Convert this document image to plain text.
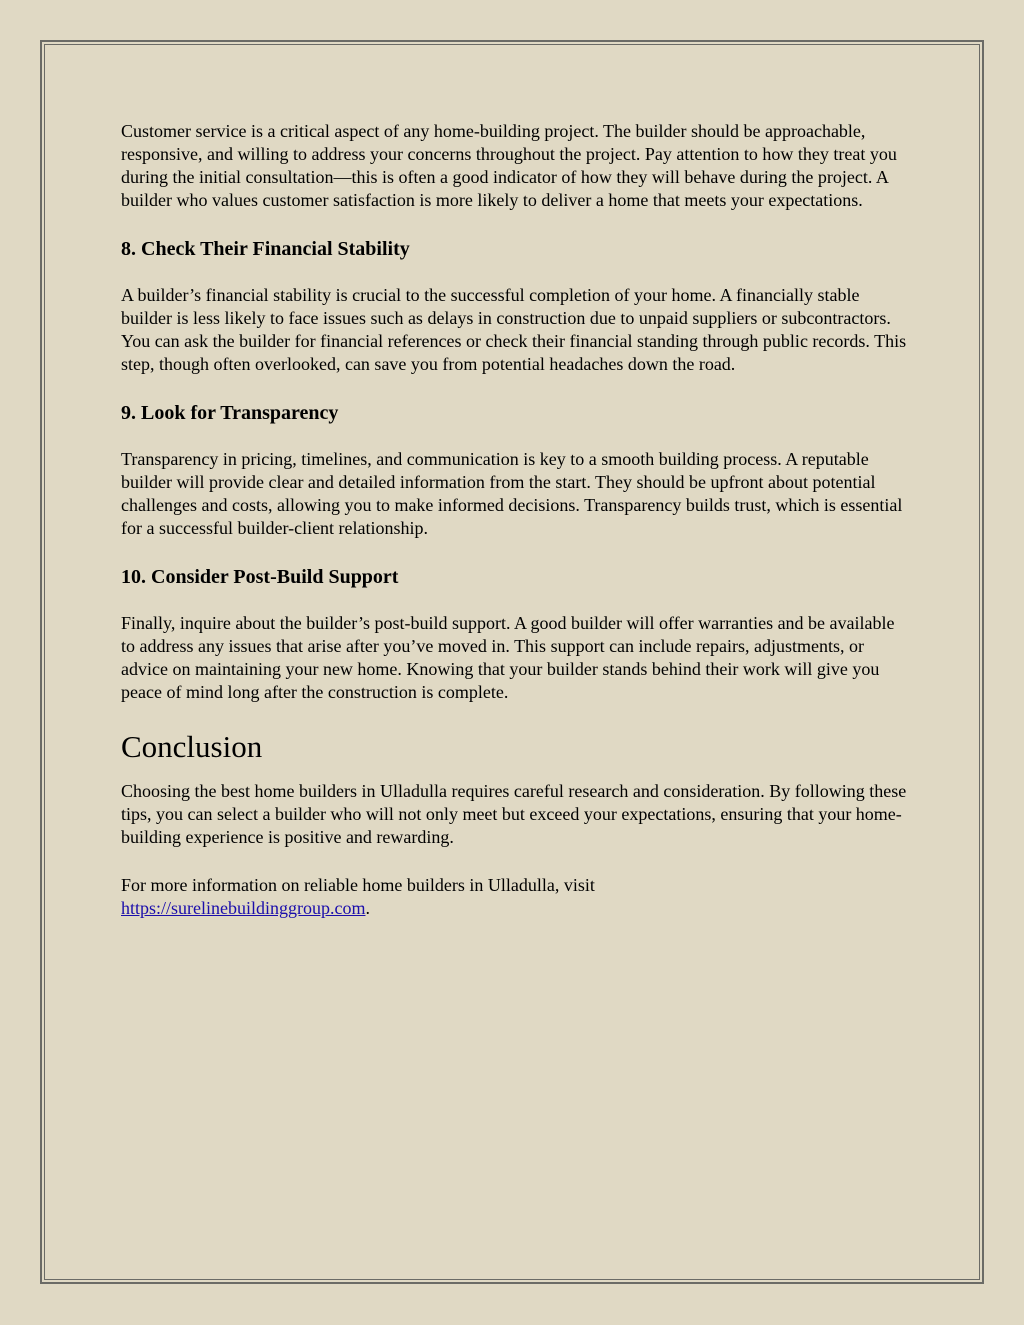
Customer service is a critical aspect of any home-building project. The builder should be approachable, responsive, and willing to address your concerns throughout the project. Pay attention to how they treat you during the initial consultation—this is often a good indicator of how they will behave during the project. A builder who values customer satisfaction is more likely to deliver a home that meets your expectations.

8. Check Their Financial Stability

A builder’s financial stability is crucial to the successful completion of your home. A financially stable builder is less likely to face issues such as delays in construction due to unpaid suppliers or subcontractors. You can ask the builder for financial references or check their financial standing through public records. This step, though often overlooked, can save you from potential headaches down the road.

9. Look for Transparency

Transparency in pricing, timelines, and communication is key to a smooth building process. A reputable builder will provide clear and detailed information from the start. They should be upfront about potential challenges and costs, allowing you to make informed decisions. Transparency builds trust, which is essential for a successful builder-client relationship.

10. Consider Post-Build Support

Finally, inquire about the builder’s post-build support. A good builder will offer warranties and be available to address any issues that arise after you’ve moved in. This support can include repairs, adjustments, or advice on maintaining your new home. Knowing that your builder stands behind their work will give you peace of mind long after the construction is complete.

Conclusion

Choosing the best home builders in Ulladulla requires careful research and consideration. By following these tips, you can select a builder who will not only meet but exceed your expectations, ensuring that your home-building experience is positive and rewarding.

For more information on reliable home builders in Ulladulla, visit
https://surelinebuildinggroup.com.
